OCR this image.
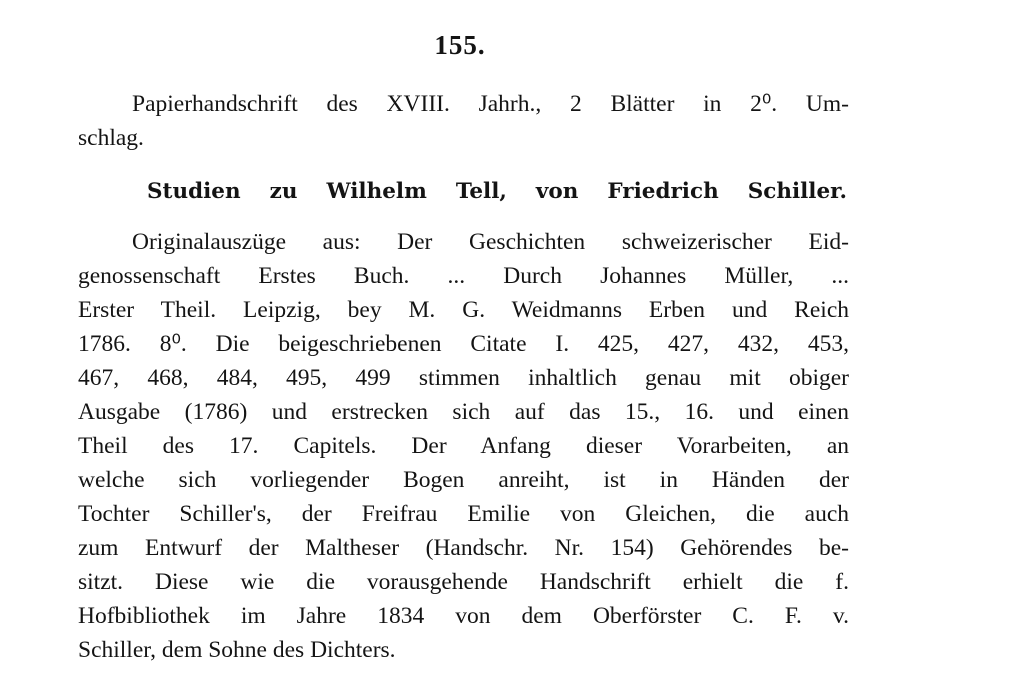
155.
Papierhandschrift des XVIII. Jahrh., 2 Blätter in 2⁰. Um-
schlag.
Studien zu Wilhelm Tell, von Friedrich Schiller.
Originalauszüge aus: Der Geschichten schweizerischer Eid-
genossenschaft Erstes Buch. ... Durch Johannes Müller, ...
Erster Theil. Leipzig, bey M. G. Weidmanns Erben und Reich
1786. 8⁰. Die beigeschriebenen Citate I. 425, 427, 432, 453,
467, 468, 484, 495, 499 stimmen inhaltlich genau mit obiger
Ausgabe (1786) und erstrecken sich auf das 15., 16. und einen
Theil des 17. Capitels. Der Anfang dieser Vorarbeiten, an
welche sich vorliegender Bogen anreiht, ist in Händen der
Tochter Schiller's, der Freifrau Emilie von Gleichen, die auch
zum Entwurf der Maltheser (Handschr. Nr. 154) Gehörendes be-
sitzt. Diese wie die vorausgehende Handschrift erhielt die f.
Hofbibliothek im Jahre 1834 von dem Oberförster C. F. v.
Schiller, dem Sohne des Dichters.
